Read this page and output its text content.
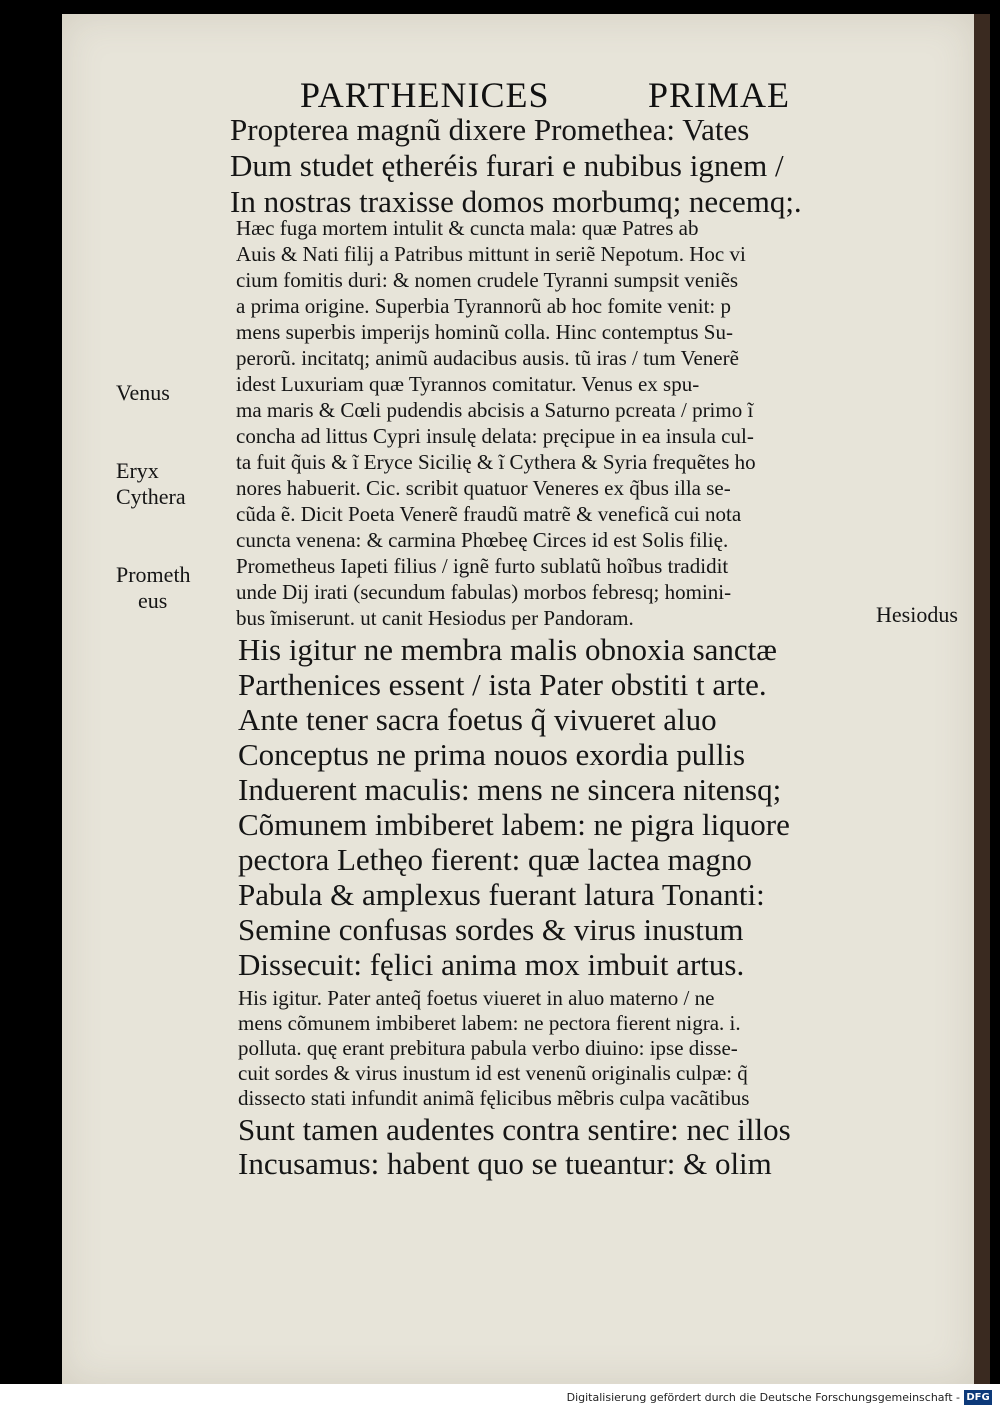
PARTHENICES	PRIMAE
Propterea magnũ dixere Promethea: Vates
Dum studet ętheréis furari e nubibus ignem /
In nostras traxisse domos morbumq; necemq;.
Hæc fuga mortem intulit & cuncta mala: quæ Patres ab
Auis & Nati filij a Patribus mittunt in seriẽ Nepotum. Hoc vi
cium fomitis duri: & nomen crudele Tyranni sumpsit veniẽs
a prima origine. Superbia Tyrannorũ ab hoc fomite venit: p
mens superbis imperijs hominũ colla. Hinc contemptus Su-
perorũ. incitatq; animũ audacibus ausis. tũ iras / tum Venerẽ
idest Luxuriam quæ Tyrannos comitatur. Venus ex spu-
ma maris & Cœli pudendis abcisis a Saturno pcreata / primo ĩ
concha ad littus Cypri insulę delata: pręcipue in ea insula cul-
ta fuit q̃uis & ĩ Eryce Sicilię & ĩ Cythera & Syria frequẽtes ho
nores habuerit. Cic. scribit quatuor Veneres ex q̃bus illa se-
cũda ẽ. Dicit Poeta Venerẽ fraudũ matrẽ & veneficã cui nota
cuncta venena: & carmina Phœbeę Circes id est Solis filię.
Prometheus Iapeti filius / ignẽ furto sublatũ hoĩbus tradidit
unde Dij irati (secundum fabulas) morbos febresq; homini-
bus ĩmiserunt. ut canit Hesiodus per Pandoram.
His igitur ne membra malis obnoxia sanctæ
Parthenices essent / ista Pater obstiti t arte.
Ante tener sacra foetus q̃ vivueret aluo
Conceptus ne prima nouos exordia pullis
Induerent maculis: mens ne sincera nitensq;
Cõmunem imbiberet labem: ne pigra liquore
pectora Lethęo fierent: quæ lactea magno
Pabula & amplexus fuerant latura Tonanti:
Semine confusas sordes & virus inustum
Dissecuit: fęlici anima mox imbuit artus.
His igitur. Pater anteq̃ foetus viueret in aluo materno / ne
mens cõmunem imbiberet labem: ne pectora fierent nigra. i.
polluta. quę erant prebitura pabula verbo diuino: ipse disse-
cuit sordes & virus inustum id est venenũ originalis culpæ: q̃
dissecto stati infundit animã fęlicibus mẽbris culpa vacãtibus
Sunt tamen audentes contra sentire: nec illos
Incusamus: habent quo se tueantur: & olim
Venus
Eryx
Cythera
Prometh
eus
Hesiodus
Digitalisierung gefördert durch die Deutsche Forschungsgemeinschaft - DFG
